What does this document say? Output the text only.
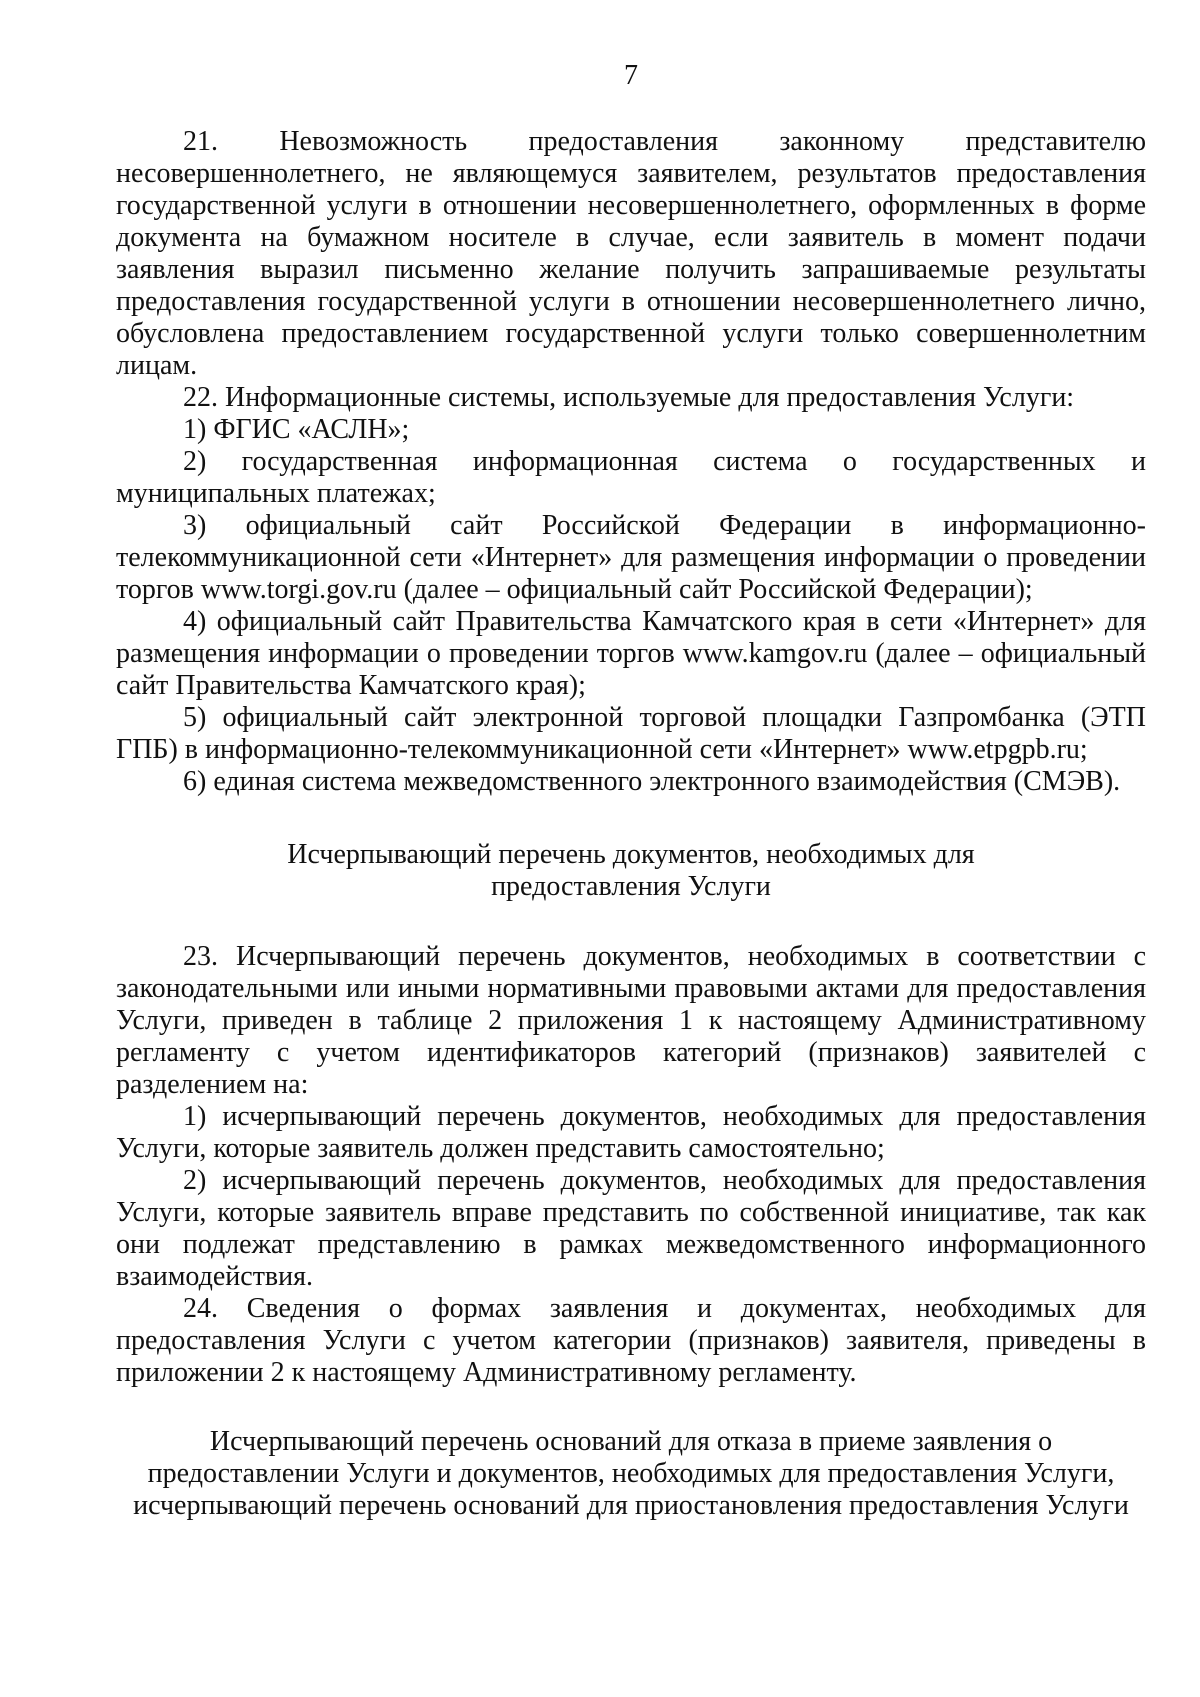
7

21. Невозможность предоставления законному представителю несовершеннолетнего, не являющемуся заявителем, результатов предоставления государственной услуги в отношении несовершеннолетнего, оформленных в форме документа на бумажном носителе в случае, если заявитель в момент подачи заявления выразил письменно желание получить запрашиваемые результаты предоставления государственной услуги в отношении несовершеннолетнего лично, обусловлена предоставлением государственной услуги только совершеннолетним лицам.

22. Информационные системы, используемые для предоставления Услуги:

1) ФГИС «АСЛН»;

2) государственная информационная система о государственных и муниципальных платежах;

3) официальный сайт Российской Федерации в информационно-телекоммуникационной сети «Интернет» для размещения информации о проведении торгов www.torgi.gov.ru (далее – официальный сайт Российской Федерации);

4) официальный сайт Правительства Камчатского края в сети «Интернет» для размещения информации о проведении торгов www.kamgov.ru (далее – официальный сайт Правительства Камчатского края);

5) официальный сайт электронной торговой площадки Газпромбанка (ЭТП ГПБ) в информационно-телекоммуникационной сети «Интернет» www.etpgpb.ru;

6) единая система межведомственного электронного взаимодействия (СМЭВ).

Исчерпывающий перечень документов, необходимых для
предоставления Услуги

23. Исчерпывающий перечень документов, необходимых в соответствии с законодательными или иными нормативными правовыми актами для предоставления Услуги, приведен в таблице 2 приложения 1 к настоящему Административному регламенту с учетом идентификаторов категорий (признаков) заявителей с разделением на:

1) исчерпывающий перечень документов, необходимых для предоставления Услуги, которые заявитель должен представить самостоятельно;

2) исчерпывающий перечень документов, необходимых для предоставления Услуги, которые заявитель вправе представить по собственной инициативе, так как они подлежат представлению в рамках межведомственного информационного взаимодействия.

24. Сведения о формах заявления и документах, необходимых для предоставления Услуги с учетом категории (признаков) заявителя, приведены в приложении 2 к настоящему Административному регламенту.

Исчерпывающий перечень оснований для отказа в приеме заявления о
предоставлении Услуги и документов, необходимых для предоставления Услуги,
исчерпывающий перечень оснований для приостановления предоставления Услуги
